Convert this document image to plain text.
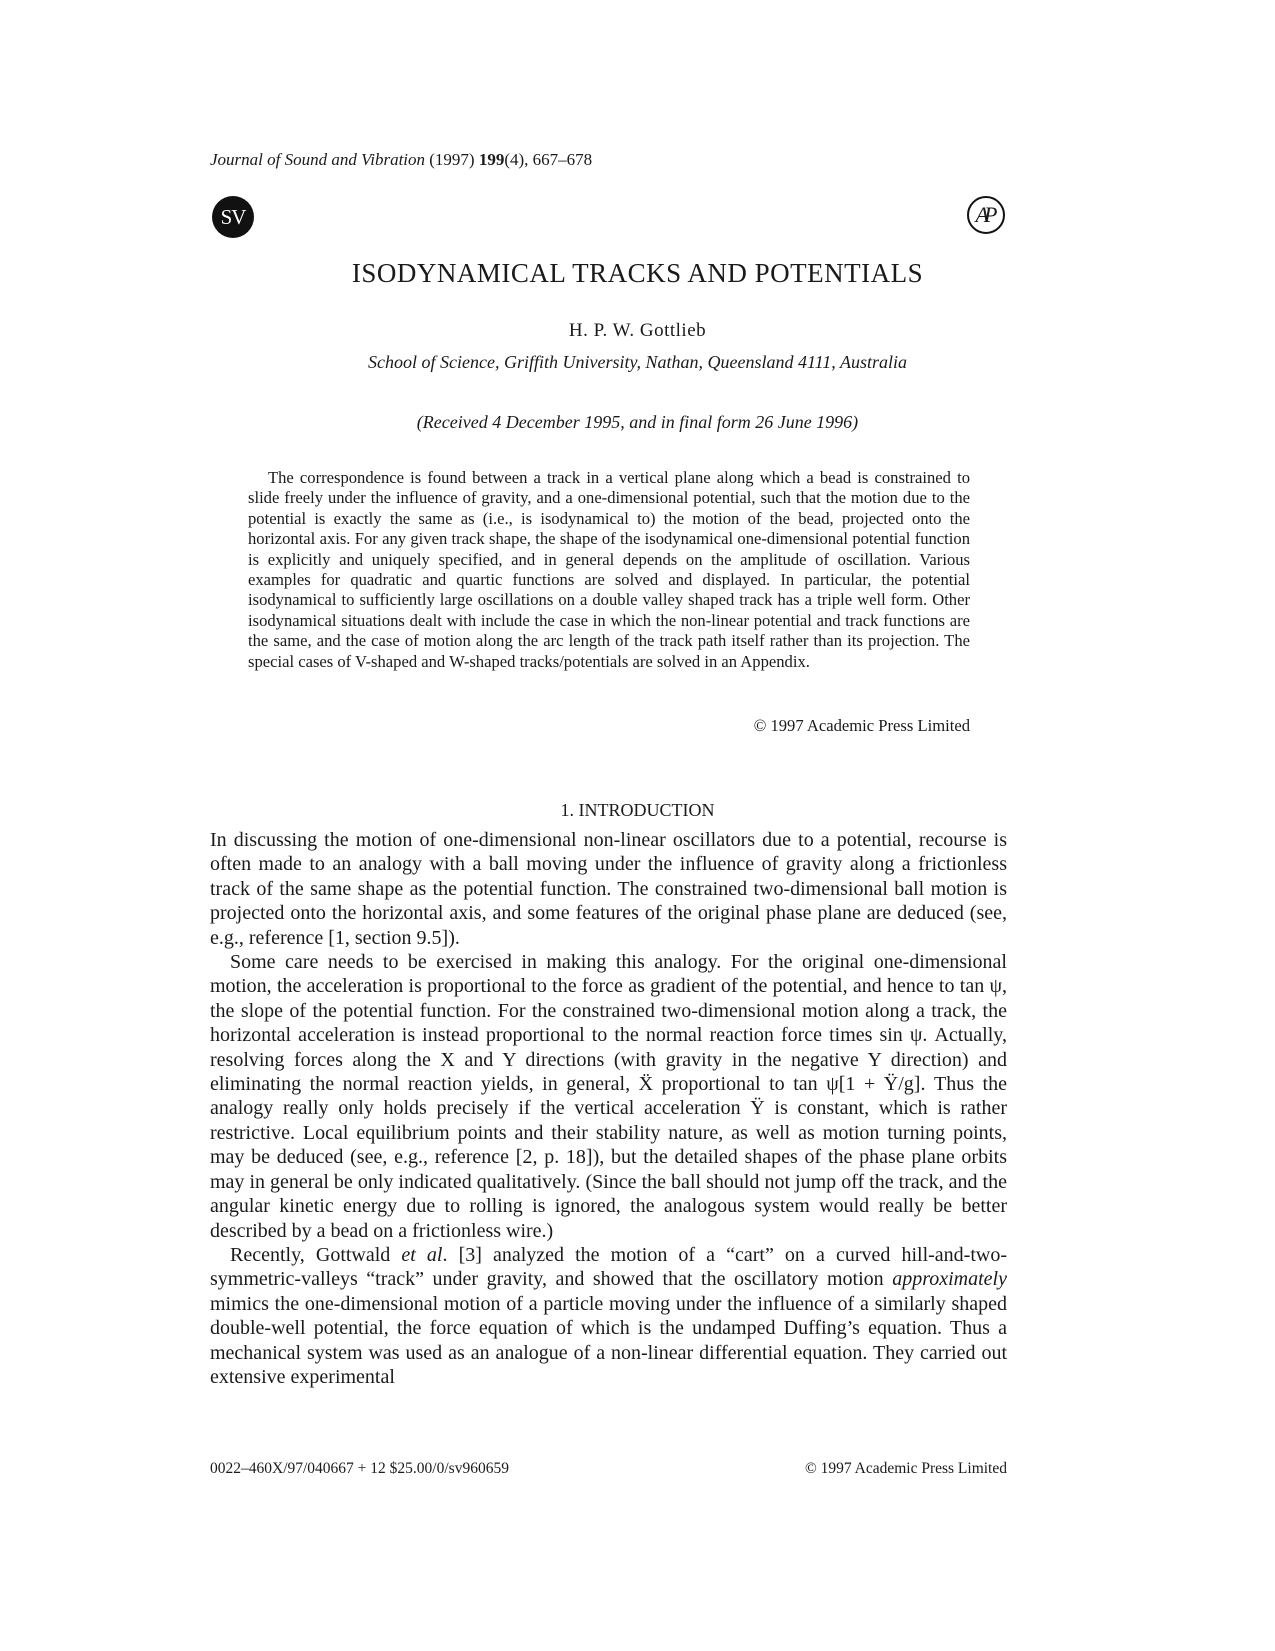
Journal of Sound and Vibration (1997) 199(4), 667–678
SV	AP
ISODYNAMICAL TRACKS AND POTENTIALS
H. P. W. Gottlieb
School of Science, Griffith University, Nathan, Queensland 4111, Australia
(Received 4 December 1995, and in final form 26 June 1996)

The correspondence is found between a track in a vertical plane along which a bead is constrained to slide freely under the influence of gravity, and a one-dimensional potential, such that the motion due to the potential is exactly the same as (i.e., is isodynamical to) the motion of the bead, projected onto the horizontal axis. For any given track shape, the shape of the isodynamical one-dimensional potential function is explicitly and uniquely specified, and in general depends on the amplitude of oscillation. Various examples for quadratic and quartic functions are solved and displayed. In particular, the potential isodynamical to sufficiently large oscillations on a double valley shaped track has a triple well form. Other isodynamical situations dealt with include the case in which the non-linear potential and track functions are the same, and the case of motion along the arc length of the track path itself rather than its projection. The special cases of V-shaped and W-shaped tracks/potentials are solved in an Appendix.

© 1997 Academic Press Limited
1. INTRODUCTION

In discussing the motion of one-dimensional non-linear oscillators due to a potential, recourse is often made to an analogy with a ball moving under the influence of gravity along a frictionless track of the same shape as the potential function. The constrained two-dimensional ball motion is projected onto the horizontal axis, and some features of the original phase plane are deduced (see, e.g., reference [1, section 9.5]).

Some care needs to be exercised in making this analogy. For the original one-dimensional motion, the acceleration is proportional to the force as gradient of the potential, and hence to tan ψ, the slope of the potential function. For the constrained two-dimensional motion along a track, the horizontal acceleration is instead proportional to the normal reaction force times sin ψ. Actually, resolving forces along the X and Y directions (with gravity in the negative Y direction) and eliminating the normal reaction yields, in general, Ẍ proportional to tan ψ[1 + Ÿ/g]. Thus the analogy really only holds precisely if the vertical acceleration Ÿ is constant, which is rather restrictive. Local equilibrium points and their stability nature, as well as motion turning points, may be deduced (see, e.g., reference [2, p. 18]), but the detailed shapes of the phase plane orbits may in general be only indicated qualitatively. (Since the ball should not jump off the track, and the angular kinetic energy due to rolling is ignored, the analogous system would really be better described by a bead on a frictionless wire.)

Recently, Gottwald et al. [3] analyzed the motion of a “cart” on a curved hill-and-two-symmetric-valleys “track” under gravity, and showed that the oscillatory motion approximately mimics the one-dimensional motion of a particle moving under the influence of a similarly shaped double-well potential, the force equation of which is the undamped Duffing’s equation. Thus a mechanical system was used as an analogue of a non-linear differential equation. They carried out extensive experimental

0022–460X/97/040667 + 12 $25.00/0/sv960659	© 1997 Academic Press Limited
